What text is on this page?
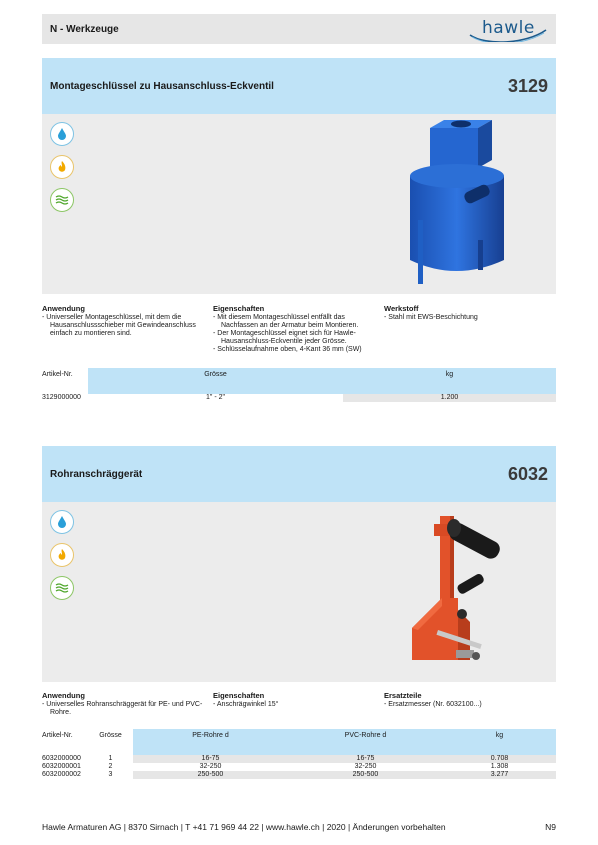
N - Werkzeuge	hawle
Montageschlüssel zu Hausanschluss-Eckventil	3129
Anwendung
- Universeller Montageschlüssel, mit dem die Hausanschlussschieber mit Gewindeanschluss einfach zu montieren sind.
Eigenschaften
- Mit diesem Montageschlüssel entfällt das Nachfassen an der Armatur beim Montieren.
- Der Montageschlüssel eignet sich für Hawle-Hausanschluss-Eckventile jeder Grösse.
- Schlüsselaufnahme oben, 4-Kant 36 mm (SW)
Werkstoff
- Stahl mit EWS-Beschichtung
Artikel-Nr.	Grösse	kg
3129000000	1" - 2"	1.200
Rohranschräggerät	6032
Anwendung
- Universelles Rohranschräggerät für PE- und PVC-Rohre.
Eigenschaften
- Anschrägwinkel 15°
Ersatzteile
- Ersatzmesser (Nr. 6032100...)
Artikel-Nr.	Grösse	PE-Rohre d	PVC-Rohre d	kg
6032000000	1	16-75	16-75	0.708
6032000001	2	32-250	32-250	1.308
6032000002	3	250-500	250-500	3.277
Hawle Armaturen AG | 8370 Sirnach | T +41 71 969 44 22 | www.hawle.ch | 2020 | Änderungen vorbehalten	N9
